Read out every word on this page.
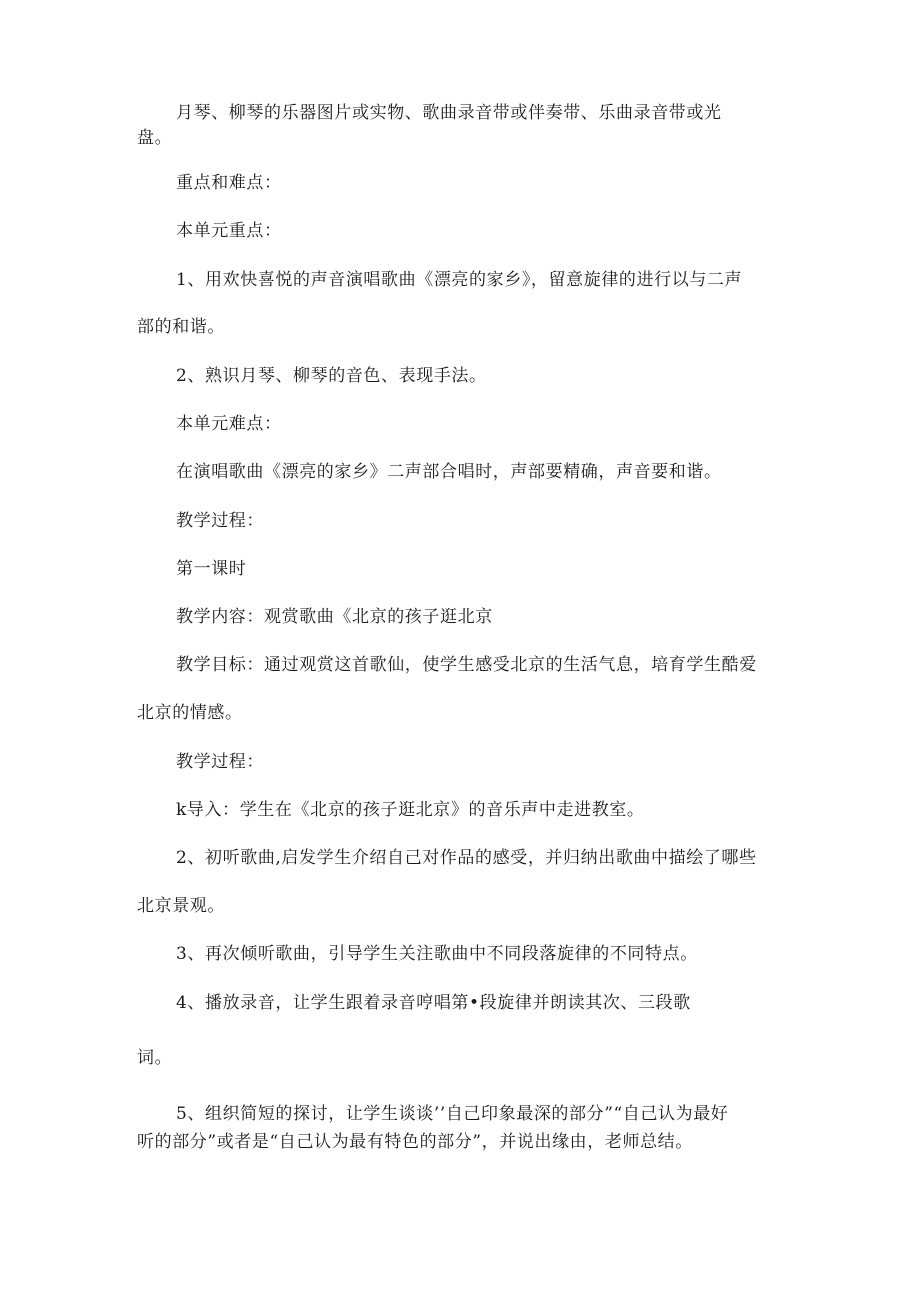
月琴、柳琴的乐器图片或实物、歌曲录音带或伴奏带、乐曲录音带或光
盘。
重点和难点：
本单元重点：
1、用欢快喜悦的声音演唱歌曲《漂亮的家乡》，留意旋律的进行以与二声
部的和谐。
2、熟识月琴、柳琴的音色、表现手法。
本单元难点：
在演唱歌曲《漂亮的家乡》二声部合唱时，声部要精确，声音要和谐。
教学过程：
第一课时
教学内容：观赏歌曲《北京的孩子逛北京
教学目标：通过观赏这首歌仙，使学生感受北京的生活气息，培育学生酷爱
北京的情感。
教学过程：
k导入：学生在《北京的孩子逛北京》的音乐声中走进教室。
2、初听歌曲,启发学生介绍自己对作品的感受，并归纳出歌曲中描绘了哪些
北京景观。
3、再次倾听歌曲，引导学生关注歌曲中不同段落旋律的不同特点。
4、播放录音，让学生跟着录音哼唱第•段旋律并朗读其次、三段歌
词。
5、组织简短的探讨，让学生谈谈’’自己印象最深的部分”“自己认为最好
听的部分”或者是“自己认为最有特色的部分”，并说出缘由，老师总结。
